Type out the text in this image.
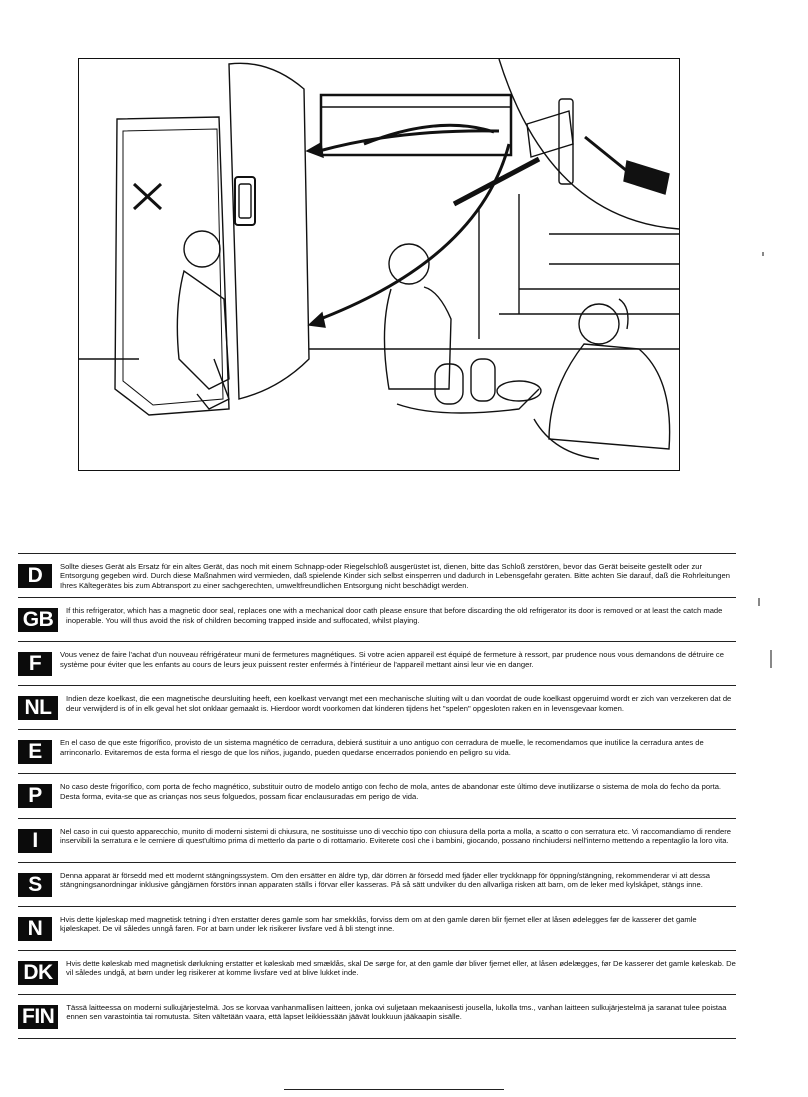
D	Sollte dieses Gerät als Ersatz für ein altes Gerät, das noch mit einem Schnapp-oder Riegelschloß ausgerüstet ist, dienen, bitte das Schloß zerstören, bevor das Gerät beiseite gestellt oder zur Entsorgung gegeben wird. Durch diese Maßnahmen wird vermieden, daß spielende Kinder sich selbst einsperren und dadurch in Lebensgefahr geraten. Bitte achten Sie darauf, daß die Rohrleitungen Ihres Kältegerätes bis zum Abtransport zu einer sachgerechten, umweltfreundlichen Entsorgung nicht beschädigt werden.
GB	If this refrigerator, which has a magnetic door seal, replaces one with a mechanical door cath please ensure that before discarding the old refrigerator its door is removed or at least the catch made inoperable. You will thus avoid the risk of children becoming trapped inside and suffocated, whilst playing.
F	Vous venez de faire l'achat d'un nouveau réfrigérateur muni de fermetures magnétiques. Si votre acien appareil est équipé de fermeture à ressort, par prudence nous vous demandons de détruire ce système pour éviter que les enfants au cours de leurs jeux puissent rester enfermés à l'intérieur de l'appareil mettant ainsi leur vie en danger.
NL	Indien deze koelkast, die een magnetische deursluiting heeft, een koelkast vervangt met een mechanische sluiting wilt u dan voordat de oude koelkast opgeruimd wordt er zich van verzekeren dat de deur verwijderd is of in elk geval het slot onklaar gemaakt is. Hierdoor wordt voorkomen dat kinderen tijdens het "spelen" opgesloten raken en in levensgevaar komen.
E	En el caso de que este frigorífico, provisto de un sistema magnético de cerradura, debierá sustituir a uno antiguo con cerradura de muelle, le recomendamos que inutilice la cerradura antes de arrinconarlo. Evitaremos de esta forma el riesgo de que los niños, jugando, pueden quedarse encerrados poniendo en peligro su vida.
P	No caso deste frigorífico, com porta de fecho magnético, substituir outro de modelo antigo con fecho de mola, antes de abandonar este último deve inutilizarse o sistema de mola do fecho da porta. Desta forma, evita-se que as crianças nos seus folguedos, possam ficar enclausuradas em perigo de vida.
I	Nel caso in cui questo apparecchio, munito di moderni sistemi di chiusura, ne sostituisse uno di vecchio tipo con chiusura della porta a molla, a scatto o con serratura etc. Vi raccomandiamo di rendere inservibili la serratura e le cerniere di quest'ultimo prima di metterlo da parte o di rottamario. Eviterete così che i bambini, giocando, possano rinchiudersi nell'interno mettendo a repentaglio la loro vita.
S	Denna apparat är försedd med ett modernt stängningssystem. Om den ersätter en äldre typ, där dörren är försedd med fjäder eller tryckknapp för öppning/stängning, rekommenderar vi att dessa stängningsanordningar inklusive gångjärnen förstörs innan apparaten ställs i förvar eller kasseras. På så sätt undviker du den allvarliga risken att barn, om de leker med kylskåpet, stängs inne.
N	Hvis dette kjøleskap med magnetisk tetning i d'ren erstatter deres gamle som har smekklås, forviss dem om at den gamle døren blir fjernet eller at låsen ødelegges før de kasserer det gamle kjøleskapet. De vil således unngå faren. For at barn under lek risikerer livsfare ved å bli stengt inne.
DK	Hvis dette køleskab med magnetisk dørlukning erstatter et køleskab med smæklås, skal De sørge for, at den gamle dør bliver fjernet eller, at låsen ødelægges, før De kasserer det gamle køleskab. De vil således undgå, at børn under leg risikerer at komme livsfare ved at blive lukket inde.
FIN	Tässä laitteessa on moderni sulkujärjestelmä. Jos se korvaa vanhanmallisen laitteen, jonka ovi suljetaan mekaanisesti jousella, lukolla tms., vanhan laitteen sulkujärjestelmä ja saranat tulee poistaa ennen sen varastointia tai romutusta. Siten vältetään vaara, että lapset leikkiessään jäävät loukkuun jääkaapin sisälle.
